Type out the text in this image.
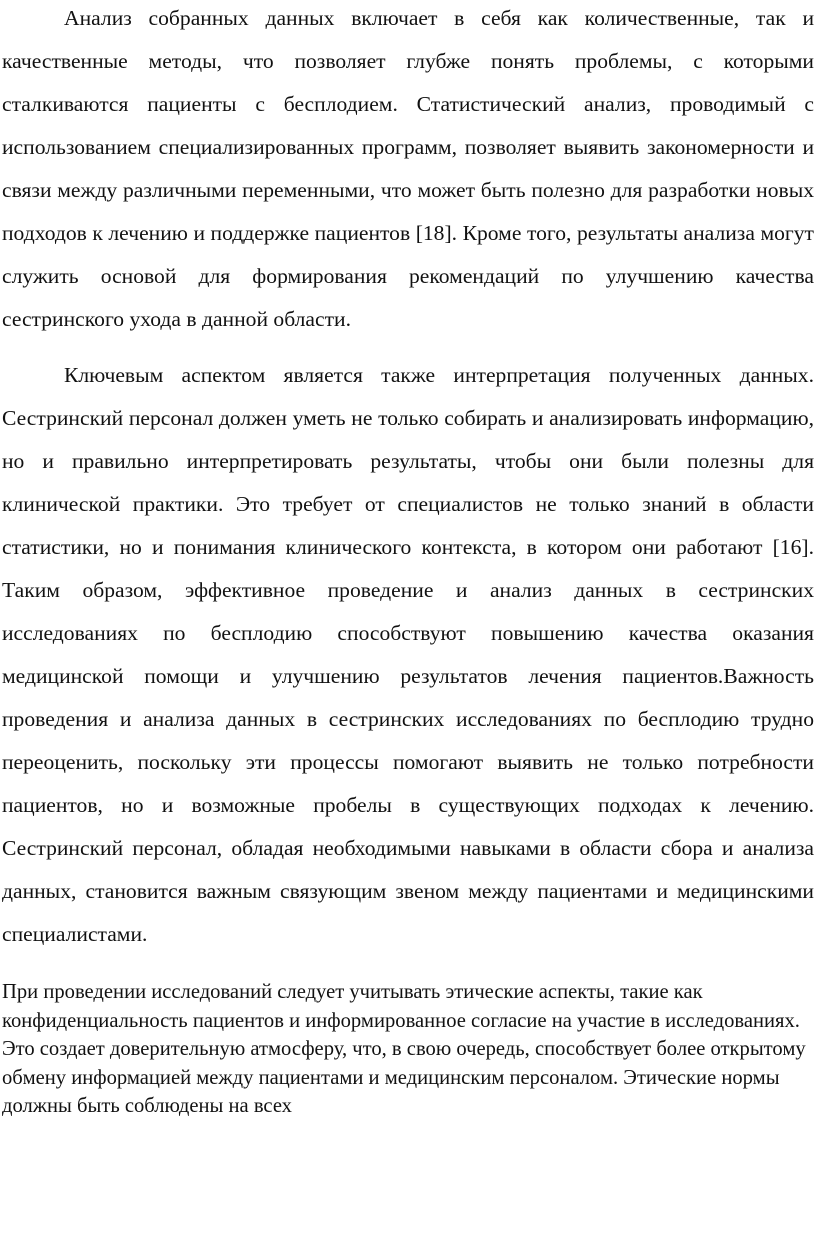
Анализ собранных данных включает в себя как количественные, так и качественные методы, что позволяет глубже понять проблемы, с которыми сталкиваются пациенты с бесплодием. Статистический анализ, проводимый с использованием специализированных программ, позволяет выявить закономерности и связи между различными переменными, что может быть полезно для разработки новых подходов к лечению и поддержке пациентов [18]. Кроме того, результаты анализа могут служить основой для формирования рекомендаций по улучшению качества сестринского ухода в данной области.

Ключевым аспектом является также интерпретация полученных данных. Сестринский персонал должен уметь не только собирать и анализировать информацию, но и правильно интерпретировать результаты, чтобы они были полезны для клинической практики. Это требует от специалистов не только знаний в области статистики, но и понимания клинического контекста, в котором они работают [16]. Таким образом, эффективное проведение и анализ данных в сестринских исследованиях по бесплодию способствуют повышению качества оказания медицинской помощи и улучшению результатов лечения пациентов.Важность проведения и анализа данных в сестринских исследованиях по бесплодию трудно переоценить, поскольку эти процессы помогают выявить не только потребности пациентов, но и возможные пробелы в существующих подходах к лечению. Сестринский персонал, обладая необходимыми навыками в области сбора и анализа данных, становится важным связующим звеном между пациентами и медицинскими специалистами.

При проведении исследований следует учитывать этические аспекты, такие как конфиденциальность пациентов и информированное согласие на участие в исследованиях. Это создает доверительную атмосферу, что, в свою очередь, способствует более открытому обмену информацией между пациентами и медицинским персоналом. Этические нормы должны быть соблюдены на всех
